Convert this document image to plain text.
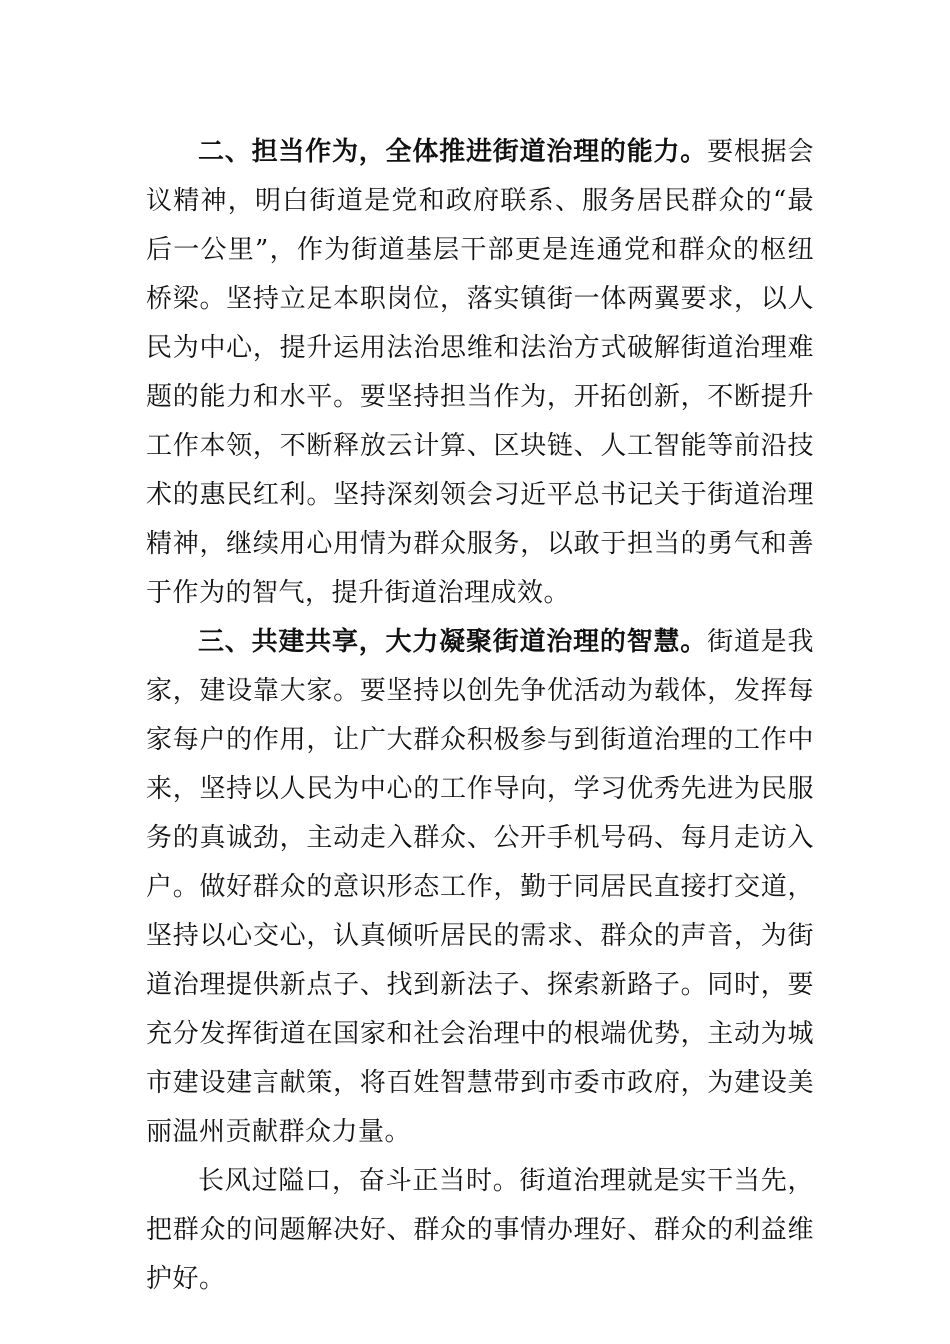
二、担当作为，全体推进街道治理的能力。要根据会议精神，明白街道是党和政府联系、服务居民群众的“最后一公里”，作为街道基层干部更是连通党和群众的枢纽桥梁。坚持立足本职岗位，落实镇街一体两翼要求，以人民为中心，提升运用法治思维和法治方式破解街道治理难题的能力和水平。要坚持担当作为，开拓创新，不断提升工作本领，不断释放云计算、区块链、人工智能等前沿技术的惠民红利。坚持深刻领会习近平总书记关于街道治理精神，继续用心用情为群众服务，以敢于担当的勇气和善于作为的智气，提升街道治理成效。

三、共建共享，大力凝聚街道治理的智慧。街道是我家，建设靠大家。要坚持以创先争优活动为载体，发挥每家每户的作用，让广大群众积极参与到街道治理的工作中来，坚持以人民为中心的工作导向，学习优秀先进为民服务的真诚劲，主动走入群众、公开手机号码、每月走访入户。做好群众的意识形态工作，勤于同居民直接打交道，坚持以心交心，认真倾听居民的需求、群众的声音，为街道治理提供新点子、找到新法子、探索新路子。同时，要充分发挥街道在国家和社会治理中的根端优势，主动为城市建设建言献策，将百姓智慧带到市委市政府，为建设美丽温州贡献群众力量。

长风过隘口，奋斗正当时。街道治理就是实干当先，把群众的问题解决好、群众的事情办理好、群众的利益维护好。
